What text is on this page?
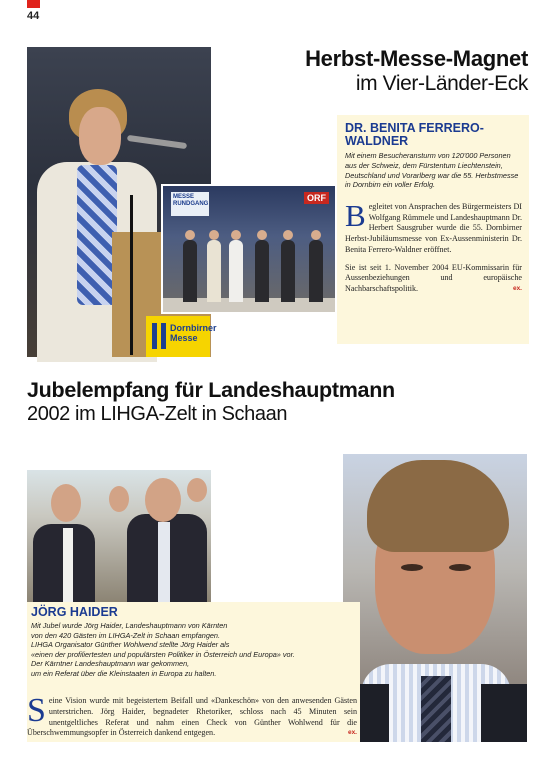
44
Herbst-Messe-Magnet
im Vier-Länder-Eck
MESSE RUNDGANG
ORF
Dornbirner Messe
DR. BENITA FERRERO-WALDNER

Mit einem Besucheransturm von 120'000 Personen aus der Schweiz, dem Fürstentum Liechtenstein, Deutschland und Vorarlberg war die 55. Herbstmesse in Dornbirn ein voller Erfolg.

Begleitet von Ansprachen des Bürgermeisters DI Wolfgang Rümmele und Landeshauptmann Dr. Herbert Sausgruber wurde die 55. Dornbirner Herbst-Jubiläumsmesse von Ex-Aussenministerin Dr. Benita Ferrero-Waldner eröffnet.

Sie ist seit 1. November 2004 EU-Kommissarin für Aussenbeziehungen und europäische Nachbarschaftspolitik.	ex.

Jubelempfang für Landeshauptmann
2002 im LIHGA-Zelt in Schaan
JÖRG HAIDER
Mit Jubel wurde Jörg Haider, Landeshauptmann von Kärnten
von den 420 Gästen im LIHGA-Zelt in Schaan empfangen.
LIHGA Organisator Günther Wohlwend stellte Jörg Haider als
«einen der profiliertesten und populärsten Politiker in Österreich und Europa» vor.
Der Kärntner Landeshauptmann war gekommen,
um ein Referat über die Kleinstaaten in Europa zu halten.

Seine Vision wurde mit begeistertem Beifall und «Dankeschön» von den anwesenden Gästen unterstrichen. Jörg Haider, begnadeter Rhetoriker, schloss nach 45 Minuten sein unentgeltliches Referat und nahm einen Check von Günther Wohlwend für die Überschwemmungsopfer in Österreich dankend entgegen.	ex.
